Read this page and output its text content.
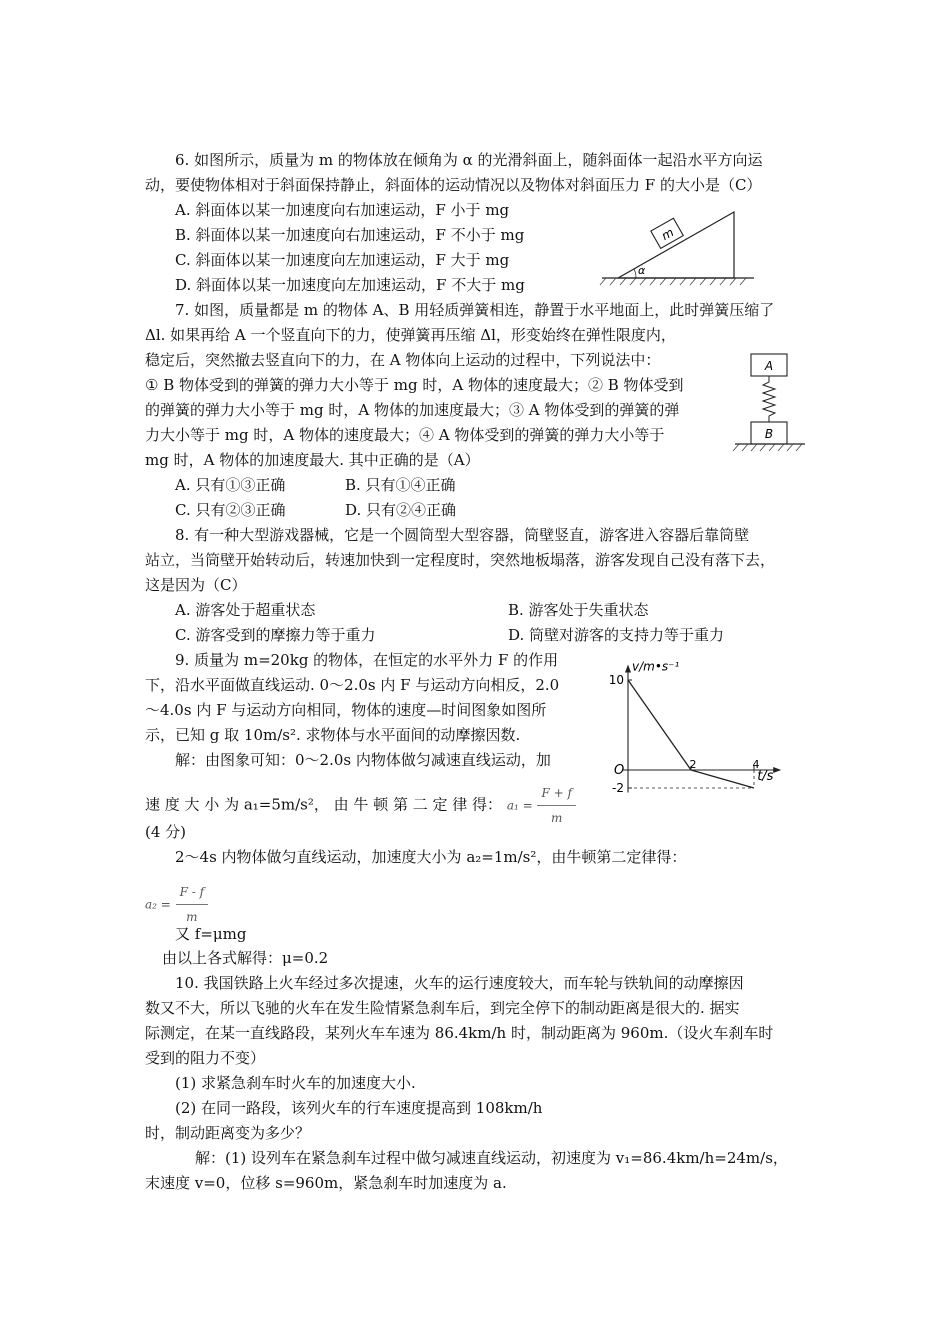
6. 如图所示，质量为 m 的物体放在倾角为 α 的光滑斜面上，随斜面体一起沿水平方向运
动，要使物体相对于斜面保持静止，斜面体的运动情况以及物体对斜面压力 F 的大小是（C）
A. 斜面体以某一加速度向右加速运动，F 小于 mg
B. 斜面体以某一加速度向右加速运动，F 不小于 mg
C. 斜面体以某一加速度向左加速运动，F 大于 mg
D. 斜面体以某一加速度向左加速运动，F 不大于 mg
m
α
7. 如图，质量都是 m 的物体 A、B 用轻质弹簧相连，静置于水平地面上，此时弹簧压缩了
Δl. 如果再给 A 一个竖直向下的力，使弹簧再压缩 Δl，形变始终在弹性限度内，
稳定后，突然撤去竖直向下的力，在 A 物体向上运动的过程中，下列说法中：
① B 物体受到的弹簧的弹力大小等于 mg 时，A 物体的速度最大；② B 物体受到
的弹簧的弹力大小等于 mg 时，A 物体的加速度最大；③ A 物体受到的弹簧的弹
力大小等于 mg 时，A 物体的速度最大；④ A 物体受到的弹簧的弹力大小等于
mg 时，A 物体的加速度最大. 其中正确的是（A）
A. 只有①③正确	B. 只有①④正确
C. 只有②③正确	D. 只有②④正确
A
B
8. 有一种大型游戏器械，它是一个圆筒型大型容器，筒壁竖直，游客进入容器后靠筒壁
站立，当筒壁开始转动后，转速加快到一定程度时，突然地板塌落，游客发现自己没有落下去，
这是因为（C）
A. 游客处于超重状态	B. 游客处于失重状态
C. 游客受到的摩擦力等于重力	D. 筒壁对游客的支持力等于重力
9. 质量为 m=20kg 的物体，在恒定的水平外力 F 的作用
下，沿水平面做直线运动. 0～2.0s 内 F 与运动方向相反，2.0
～4.0s 内 F 与运动方向相同，物体的速度—时间图象如图所
示，已知 g 取 10m/s². 求物体与水平面间的动摩擦因数.
解：由图象可知：0～2.0s 内物体做匀减速直线运动，加
速 度 大 小 为 a₁=5m/s²， 由 牛 顿 第 二 定 律 得： $a_1 = \frac{F + f}{m}$
(4 分)
2～4s 内物体做匀直线运动，加速度大小为 a₂=1m/s²，由牛顿第二定律得：
$a_2 = \frac{F - f}{m}$
又 f=μmg
由以上各式解得：μ=0.2
v/m•s⁻¹
t/s
O
10
-2
2	4
10. 我国铁路上火车经过多次提速，火车的运行速度较大，而车轮与铁轨间的动摩擦因
数又不大，所以飞驰的火车在发生险情紧急刹车后，到完全停下的制动距离是很大的. 据实
际测定，在某一直线路段，某列火车车速为 86.4km/h 时，制动距离为 960m.（设火车刹车时
受到的阻力不变）
(1) 求紧急刹车时火车的加速度大小.
(2) 在同一路段，该列火车的行车速度提高到 108km/h
时，制动距离变为多少？
解：(1) 设列车在紧急刹车过程中做匀减速直线运动，初速度为 v₁=86.4km/h=24m/s，
末速度 v=0，位移 s=960m，紧急刹车时加速度为 a.
